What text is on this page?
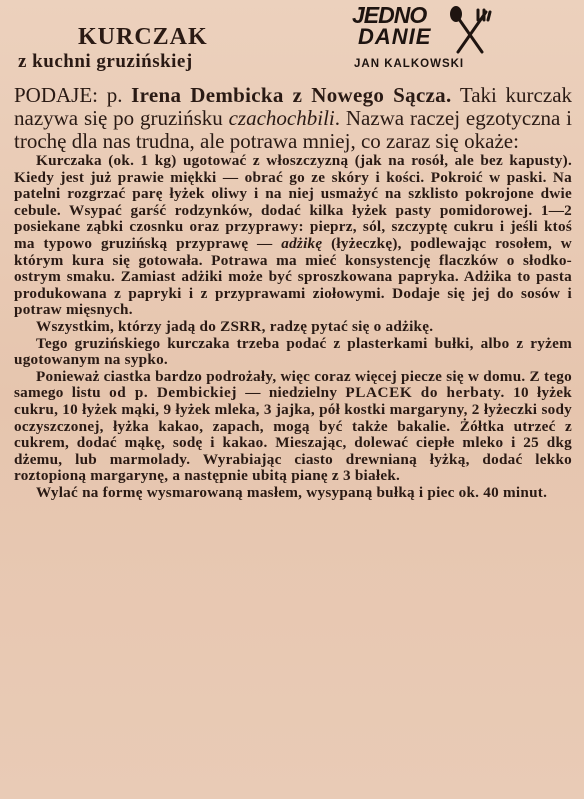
KURCZAK
z kuchni gruzińskiej
JEDNO
DANIE
JAN KALKOWSKI

PODAJE: p. Irena Dembicka z Nowego Sącza. Taki kurczak nazywa się po gruzińsku czachochbili. Nazwa raczej egzotyczna i trochę dla nas trudna, ale potrawa mniej, co zaraz się okaże:

Kurczaka (ok. 1 kg) ugotować z włoszczyzną (jak na rosół, ale bez kapusty). Kiedy jest już prawie miękki — obrać go ze skóry i kości. Pokroić w paski. Na patelni rozgrzać parę łyżek oliwy i na niej usmażyć na szklisto pokrojone dwie cebule. Wsypać garść rodzynków, dodać kilka łyżek pasty pomidorowej. 1—2 posiekane ząbki czosnku oraz przyprawy: pieprz, sól, szczyptę cukru i jeśli ktoś ma typowo gruzińską przyprawę — adżikę (łyżeczkę), podlewając rosołem, w którym kura się gotowała. Potrawa ma mieć konsystencję flaczków o słodko-ostrym smaku. Zamiast adżiki może być sproszkowana papryka. Adżika to pasta produkowana z papryki i z przyprawami ziołowymi. Dodaje się jej do sosów i potraw mięsnych.

Wszystkim, którzy jadą do ZSRR, radzę pytać się o adżikę.

Tego gruzińskiego kurczaka trzeba podać z plasterkami bułki, albo z ryżem ugotowanym na sypko.

Ponieważ ciastka bardzo podrożały, więc coraz więcej piecze się w domu. Z tego samego listu od p. Dembickiej — niedzielny PLACEK do herbaty. 10 łyżek cukru, 10 łyżek mąki, 9 łyżek mleka, 3 jajka, pół kostki margaryny, 2 łyżeczki sody oczyszczonej, łyżka kakao, zapach, mogą być także bakalie. Żółtka utrzeć z cukrem, dodać mąkę, sodę i kakao. Mieszając, dolewać ciepłe mleko i 25 dkg dżemu, lub marmolady. Wyrabiając ciasto drewnianą łyżką, dodać lekko roztopioną margarynę, a następnie ubitą pianę z 3 białek.

Wylać na formę wysmarowaną masłem, wysypaną bułką i piec ok. 40 minut.
